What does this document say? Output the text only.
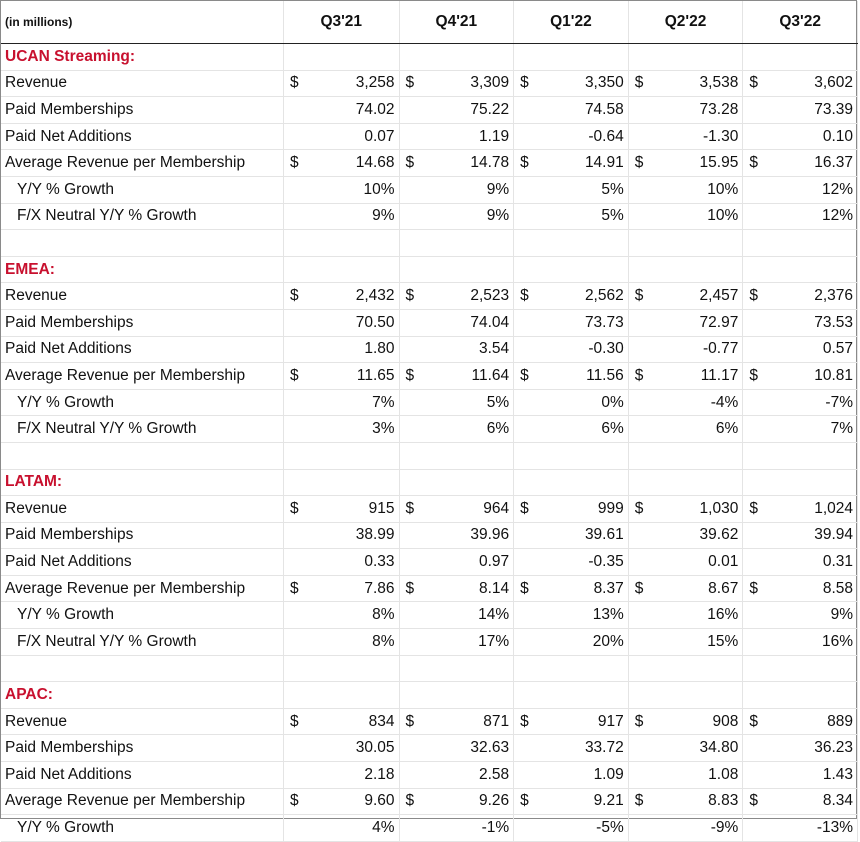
(in millions)	Q3'21		Q4'21		Q1'22		Q2'22		Q3'22	
UCAN Streaming:										
Revenue	$	3,258	$	3,309	$	3,350	$	3,538	$	3,602
Paid Memberships		74.02		75.22		74.58		73.28		73.39
Paid Net Additions		0.07		1.19		-0.64		-1.30		0.10
Average Revenue per Membership	$	14.68	$	14.78	$	14.91	$	15.95	$	16.37
Y/Y % Growth		10%		9%		5%		10%		12%
F/X Neutral Y/Y % Growth		9%		9%		5%		10%		12%

EMEA:										
Revenue	$	2,432	$	2,523	$	2,562	$	2,457	$	2,376
Paid Memberships		70.50		74.04		73.73		72.97		73.53
Paid Net Additions		1.80		3.54		-0.30		-0.77		0.57
Average Revenue per Membership	$	11.65	$	11.64	$	11.56	$	11.17	$	10.81
Y/Y % Growth		7%		5%		0%		-4%		-7%
F/X Neutral Y/Y % Growth		3%		6%		6%		6%		7%

LATAM:										
Revenue	$	915	$	964	$	999	$	1,030	$	1,024
Paid Memberships		38.99		39.96		39.61		39.62		39.94
Paid Net Additions		0.33		0.97		-0.35		0.01		0.31
Average Revenue per Membership	$	7.86	$	8.14	$	8.37	$	8.67	$	8.58
Y/Y % Growth		8%		14%		13%		16%		9%
F/X Neutral Y/Y % Growth		8%		17%		20%		15%		16%

APAC:										
Revenue	$	834	$	871	$	917	$	908	$	889
Paid Memberships		30.05		32.63		33.72		34.80		36.23
Paid Net Additions		2.18		2.58		1.09		1.08		1.43
Average Revenue per Membership	$	9.60	$	9.26	$	9.21	$	8.83	$	8.34
Y/Y % Growth		4%		-1%		-5%		-9%		-13%
